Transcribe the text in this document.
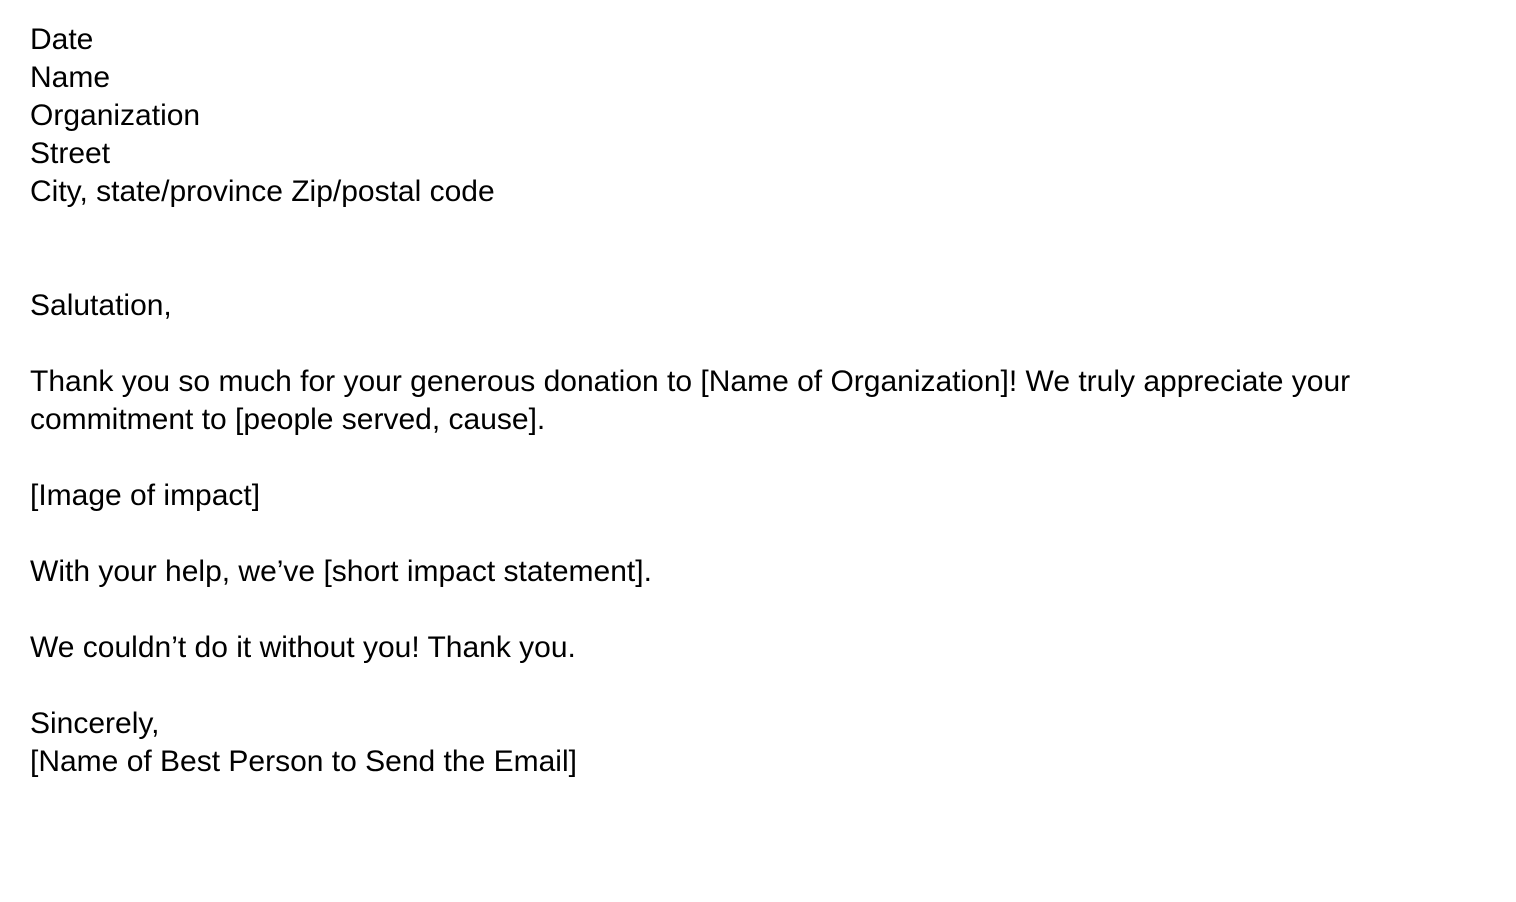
Date
Name
Organization
Street
City, state/province Zip/postal code
Salutation,
Thank you so much for your generous donation to [Name of Organization]! We truly appreciate your commitment to [people served, cause].
[Image of impact]
With your help, we’ve [short impact statement].
We couldn’t do it without you! Thank you.
Sincerely,
[Name of Best Person to Send the Email]
